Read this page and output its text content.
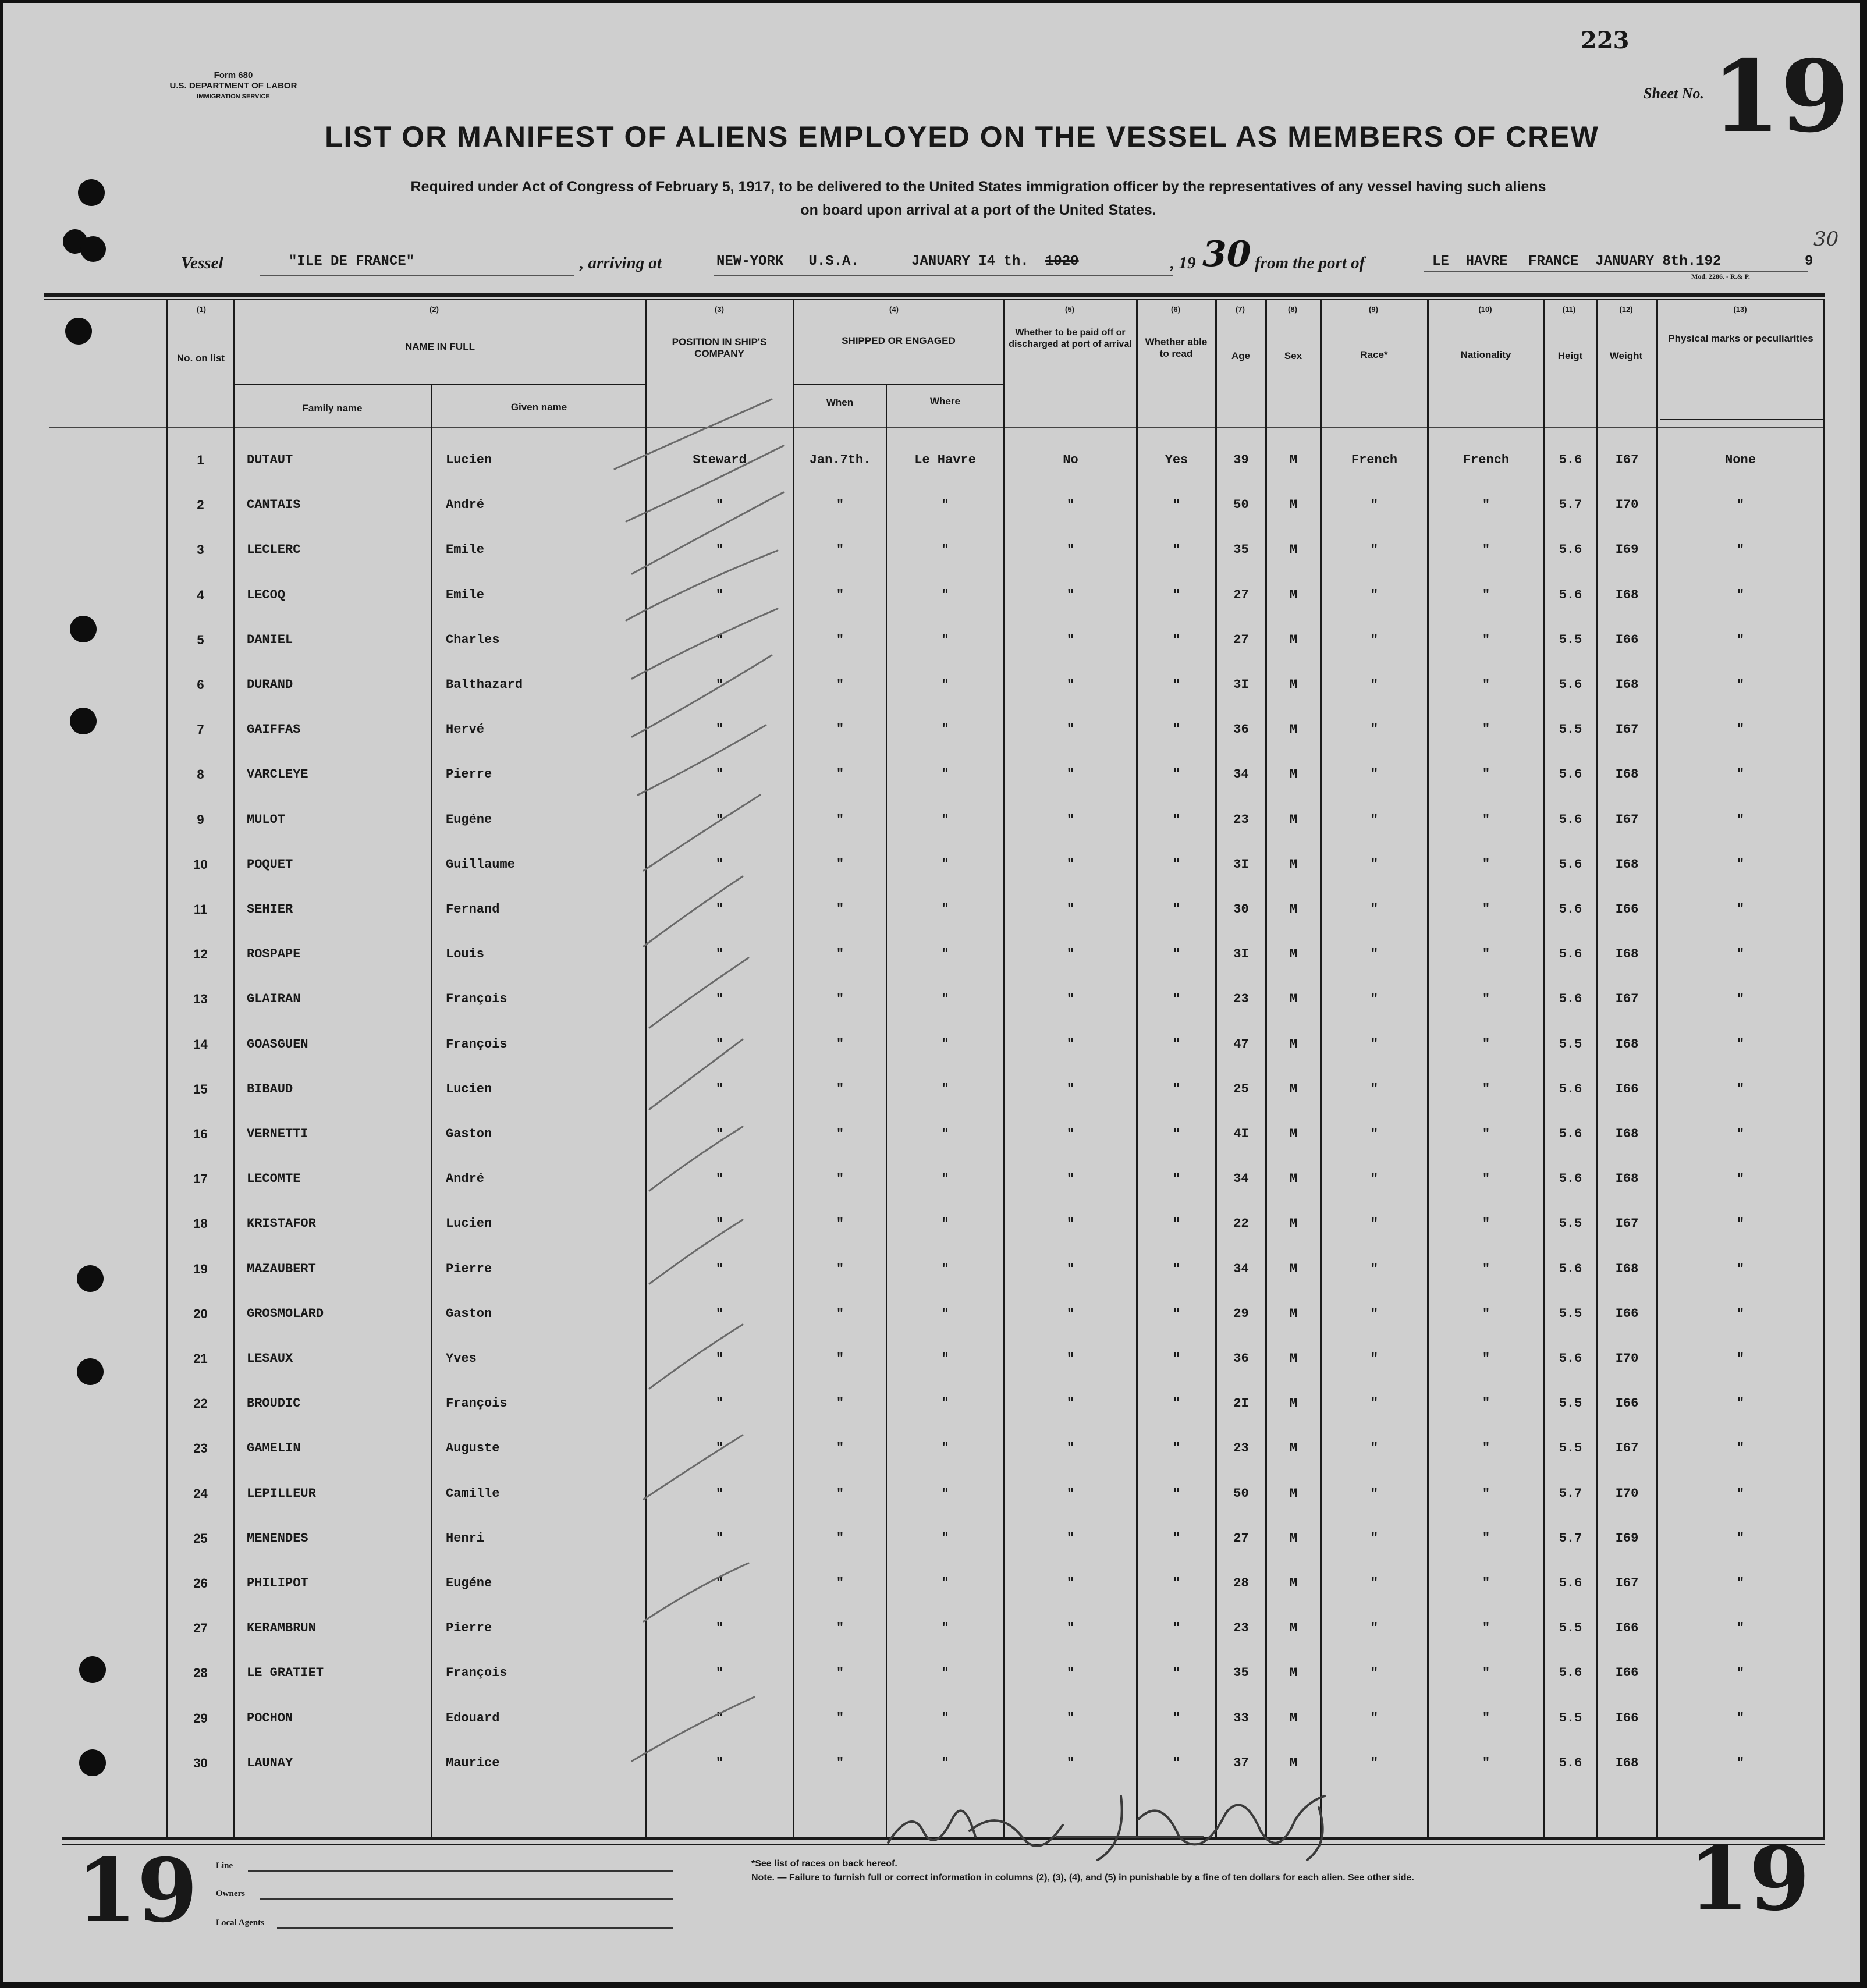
223
Form 680
U.S. DEPARTMENT OF LABOR
IMMIGRATION SERVICE	Sheet No. 19
LIST OR MANIFEST OF ALIENS EMPLOYED ON THE VESSEL AS MEMBERS OF CREW
Required under Act of Congress of February 5, 1917, to be delivered to the United States immigration officer by the representatives of any vessel having such aliens
on board upon arrival at a port of the United States.
Vessel	"ILE DE FRANCE"	, arriving at	NEW-YORK   U.S.A.	JANUARY I4 th. 1929	, 19 30 from the port of	LE  HAVRE FRANCE  JANUARY 8th.192	9
30
Mod. 2286. - R.& P.
(1)	(2)	(3)	(4)	(5)	(6)	(7)	(8)	(9)	(10)	(11)	(12)	(13)
No. on list
NAME IN FULL
Family name	Given name
POSITION IN SHIP'S COMPANY
SHIPPED OR ENGAGED
When	Where
Whether to be paid off or discharged at port of arrival	Whether able to read	Age	Sex	Race*	Nationality	Heigt	Weight
Physical marks or peculiarities
1	DUTAUT	Lucien	Steward	Jan.7th.	Le Havre	No	Yes	39	M	French	French	5.6	I67	None
2	CANTAIS	André	"	"	"	"	"	50	M	"	"	5.7	I70	"
3	LECLERC	Emile	"	"	"	"	"	35	M	"	"	5.6	I69	"
4	LECOQ	Emile	"	"	"	"	"	27	M	"	"	5.6	I68	"
5	DANIEL	Charles	"	"	"	"	"	27	M	"	"	5.5	I66	"
6	DURAND	Balthazard	"	"	"	"	"	3I	M	"	"	5.6	I68	"
7	GAIFFAS	Hervé	"	"	"	"	"	36	M	"	"	5.5	I67	"
8	VARCLEYE	Pierre	"	"	"	"	"	34	M	"	"	5.6	I68	"
9	MULOT	Eugéne	"	"	"	"	"	23	M	"	"	5.6	I67	"
10	POQUET	Guillaume	"	"	"	"	"	3I	M	"	"	5.6	I68	"
11	SEHIER	Fernand	"	"	"	"	"	30	M	"	"	5.6	I66	"
12	ROSPAPE	Louis	"	"	"	"	"	3I	M	"	"	5.6	I68	"
13	GLAIRAN	François	"	"	"	"	"	23	M	"	"	5.6	I67	"
14	GOASGUEN	François	"	"	"	"	"	47	M	"	"	5.5	I68	"
15	BIBAUD	Lucien	"	"	"	"	"	25	M	"	"	5.6	I66	"
16	VERNETTI	Gaston	"	"	"	"	"	4I	M	"	"	5.6	I68	"
17	LECOMTE	André	"	"	"	"	"	34	M	"	"	5.6	I68	"
18	KRISTAFOR	Lucien	"	"	"	"	"	22	M	"	"	5.5	I67	"
19	MAZAUBERT	Pierre	"	"	"	"	"	34	M	"	"	5.6	I68	"
20	GROSMOLARD	Gaston	"	"	"	"	"	29	M	"	"	5.5	I66	"
21	LESAUX	Yves	"	"	"	"	"	36	M	"	"	5.6	I70	"
22	BROUDIC	François	"	"	"	"	"	2I	M	"	"	5.5	I66	"
23	GAMELIN	Auguste	"	"	"	"	"	23	M	"	"	5.5	I67	"
24	LEPILLEUR	Camille	"	"	"	"	"	50	M	"	"	5.7	I70	"
25	MENENDES	Henri	"	"	"	"	"	27	M	"	"	5.7	I69	"
26	PHILIPOT	Eugéne	"	"	"	"	"	28	M	"	"	5.6	I67	"
27	KERAMBRUN	Pierre	"	"	"	"	"	23	M	"	"	5.5	I66	"
28	LE GRATIET	François	"	"	"	"	"	35	M	"	"	5.6	I66	"
29	POCHON	Edouard	"	"	"	"	"	33	M	"	"	5.5	I66	"
30	LAUNAY	Maurice	"	"	"	"	"	37	M	"	"	5.6	I68	"
19	19
Line
Owners
Local Agents
*See list of races on back hereof.
Note. — Failure to furnish full or correct information in columns (2), (3), (4), and (5) in punishable by a fine of ten dollars for each alien. See other side.
